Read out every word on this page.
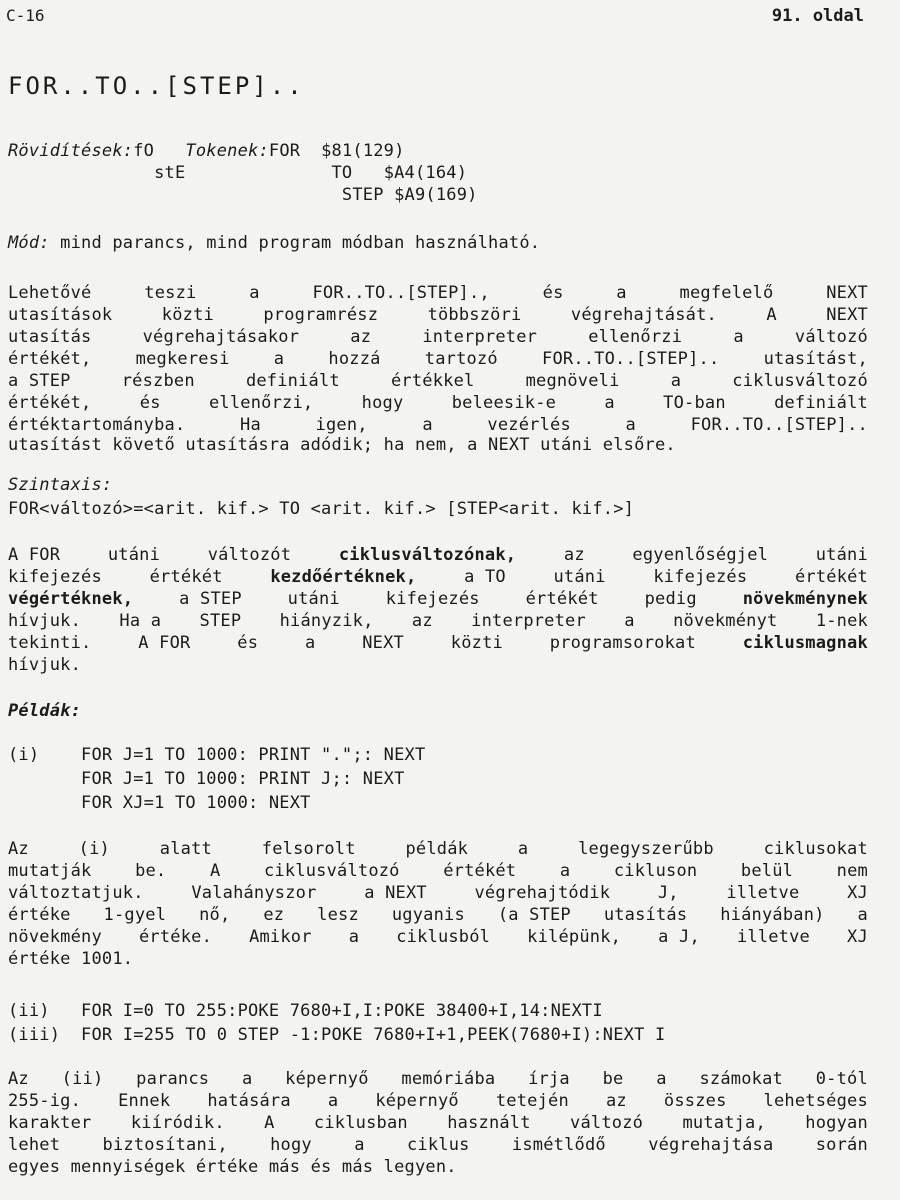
C-16	91. oldal
FOR..TO..[STEP]..
Rövidítések:fO Tokenek:FOR $81(129)
stE	TO $A4(164)
STEP $A9(169)
Mód: mind parancs, mind program módban használható.
Lehetővé	teszi	a	FOR..TO..[STEP].,	és	a	megfelelő	NEXT
utasítások	közti	programrész	többszöri	végrehajtását.	A	NEXT
utasítás	végrehajtásakor	az	interpreter	ellenőrzi	a	változó
értékét,	megkeresi	a	hozzá	tartozó	FOR..TO..[STEP]..	utasítást,
a STEP	részben	definiált	értékkel	megnöveli	a	ciklusváltozó
értékét,	és	ellenőrzi,	hogy	beleesik-e	a	TO-ban	definiált
értéktartományba.	Ha	igen,	a	vezérlés	a	FOR..TO..[STEP]..
utasítást követő utasításra adódik; ha nem, a NEXT utáni elsőre.
Szintaxis:
FOR<változó>=<arit. kif.> TO <arit. kif.> [STEP<arit. kif.>]
A FOR	utáni	változót	ciklusváltozónak,	az	egyenlőségjel	utáni
kifejezés	értékét	kezdőértéknek,	a TO	utáni	kifejezés	értékét
végértéknek,	a STEP	utáni	kifejezés	értékét	pedig	növekménynek
hívjuk. Ha a STEP hiányzik, az interpreter a növekményt 1-nek
tekinti.	A FOR	és	a	NEXT	közti	programsorokat	ciklusmagnak
hívjuk.
Példák:
(i)    FOR J=1 TO 1000: PRINT ".";: NEXT
FOR J=1 TO 1000: PRINT J;: NEXT
FOR XJ=1 TO 1000: NEXT
Az	(i)	alatt	felsorolt	példák	a	legegyszerűbb	ciklusokat
mutatják	be.	A	ciklusváltozó	értékét	a	cikluson	belül	nem
változtatjuk.	Valahányszor	a NEXT	végrehajtódik	J,	illetve	XJ
értéke 1-gyel nő, ez lesz ugyanis (a STEP utasítás hiányában) a
növekmény értéke. Amikor a ciklusból kilépünk, a J, illetve XJ
értéke 1001.
(ii)   FOR I=0 TO 255:POKE 7680+I,I:POKE 38400+I,14:NEXTI
(iii)  FOR I=255 TO 0 STEP -1:POKE 7680+I+1,PEEK(7680+I):NEXT I
Az (ii) parancs a képernyő memóriába írja be a számokat 0-tól
255-ig. Ennek hatására a képernyő tetején az összes lehetséges
karakter kiíródik. A ciklusban használt változó mutatja, hogyan
lehet biztosítani, hogy a ciklus ismétlődő végrehajtása során
egyes mennyiségek értéke más és más legyen.
